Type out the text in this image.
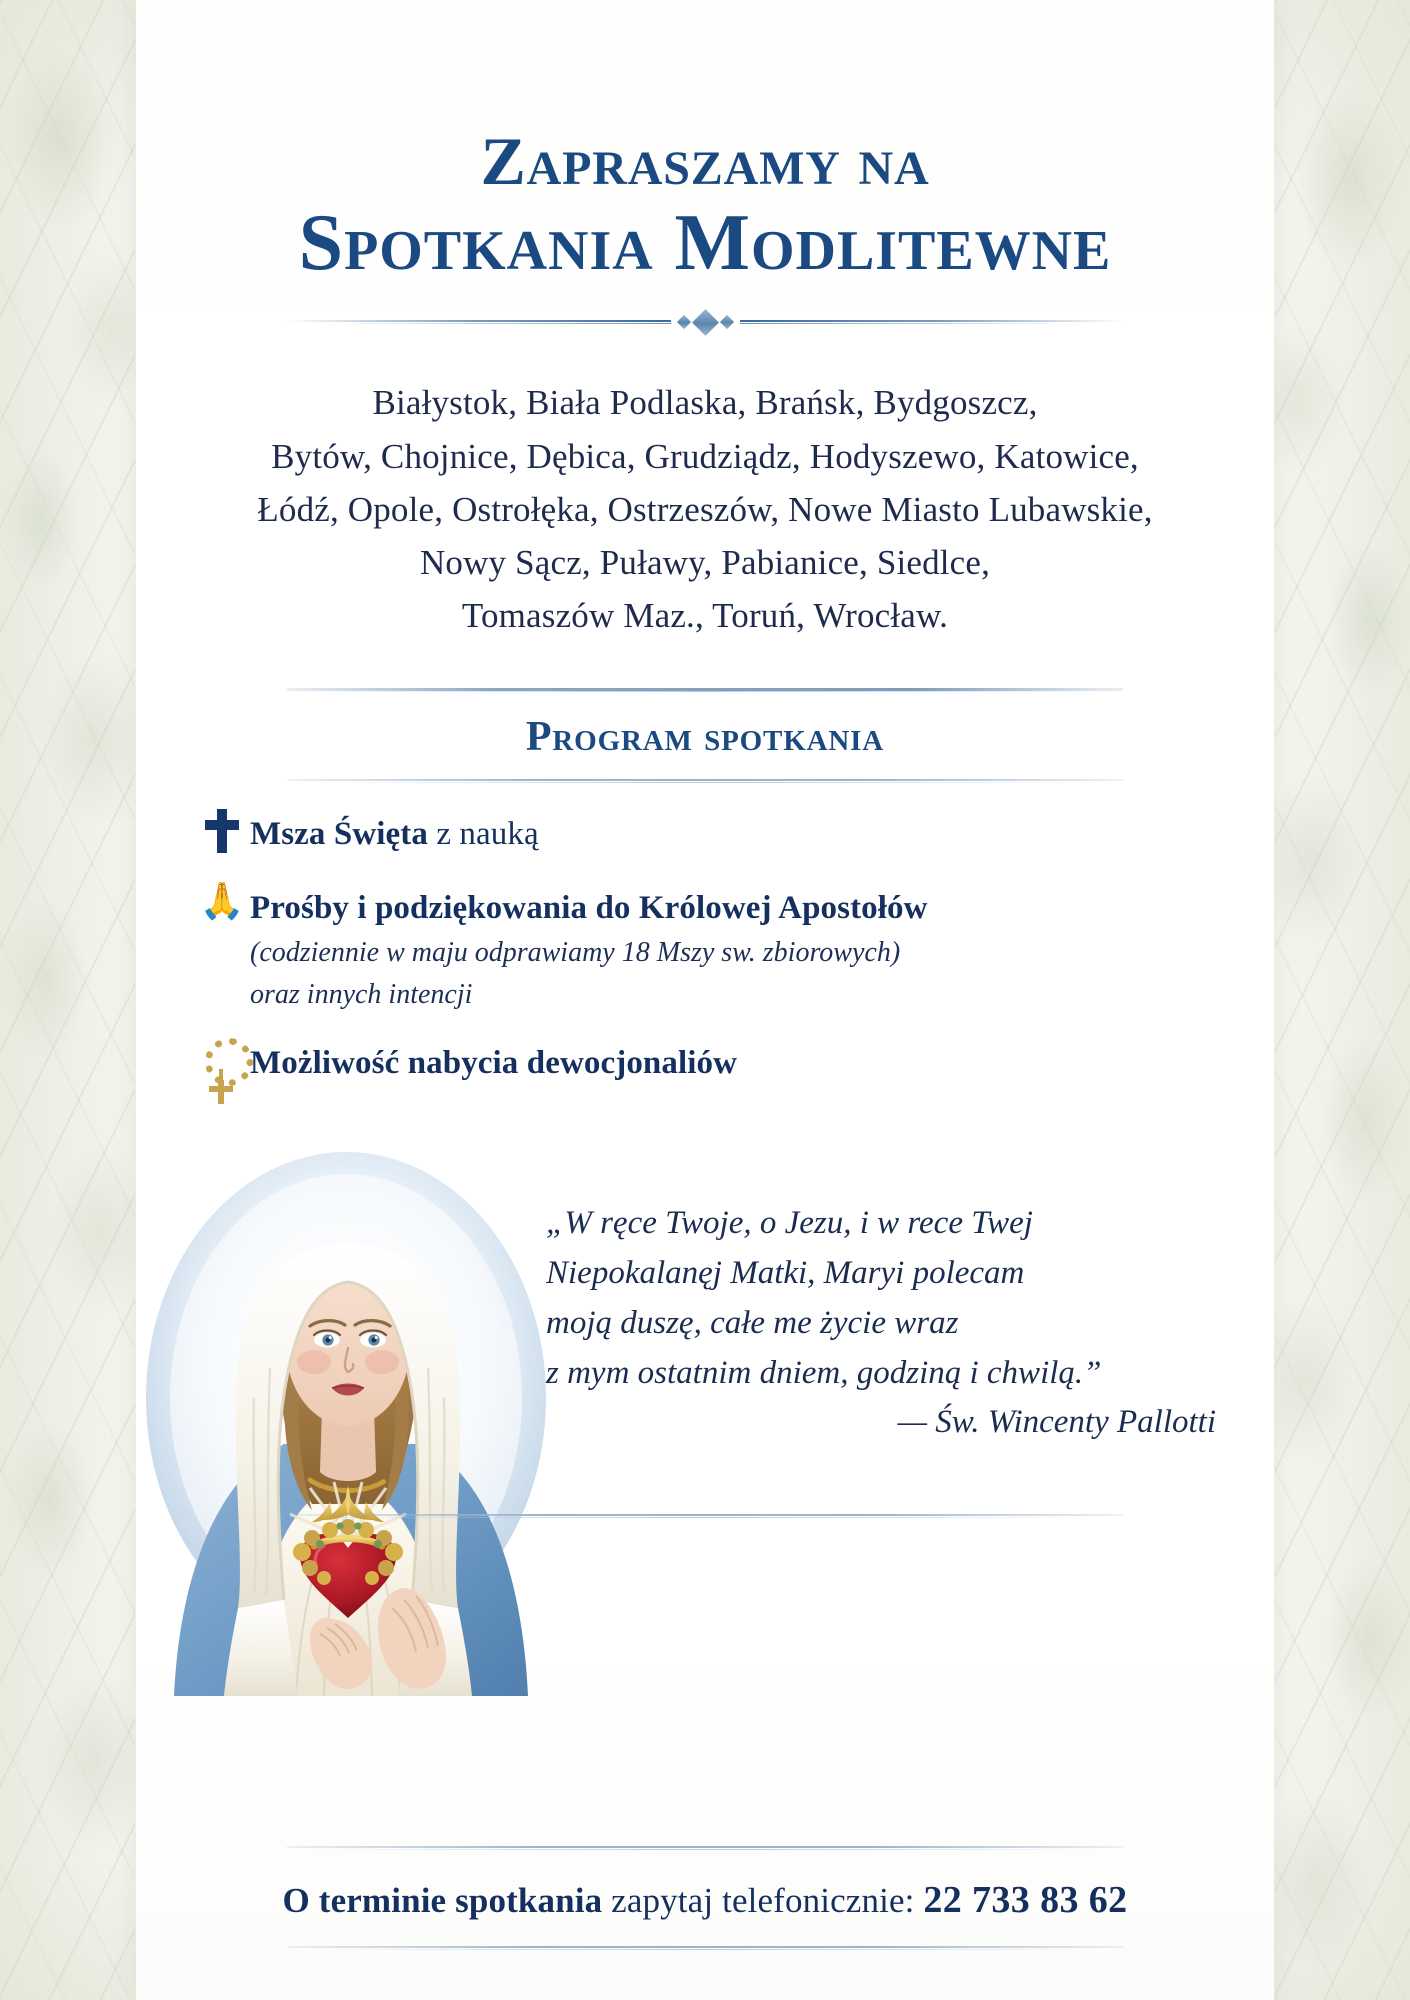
Zapraszamy na
Spotkania Modlitewne
Białystok, Biała Podlaska, Brańsk, Bydgoszcz,
Bytów, Chojnice, Dębica, Grudziądz, Hodyszewo, Katowice,
Łódź, Opole, Ostrołęka, Ostrzeszów, Nowe Miasto Lubawskie,
Nowy Sącz, Puławy, Pabianice, Siedlce,
Tomaszów Maz., Toruń, Wrocław.
Program spotkania
Msza Święta z nauką
🙏 Prośby i podziękowania do Królowej Apostołów
(codziennie w maju odprawiamy 18 Mszy sw. zbiorowych)
oraz innych intencji
Możliwość nabycia dewocjonaliów
„W ręce Twoje, o Jezu, i w rece Twej
Niepokalanęj Matki, Maryi polecam
moją duszę, całe me życie wraz
z mym ostatnim dniem, godziną i chwilą.”
— Św. Wincenty Pallotti
O terminie spotkania zapytaj telefonicznie: 22 733 83 62
